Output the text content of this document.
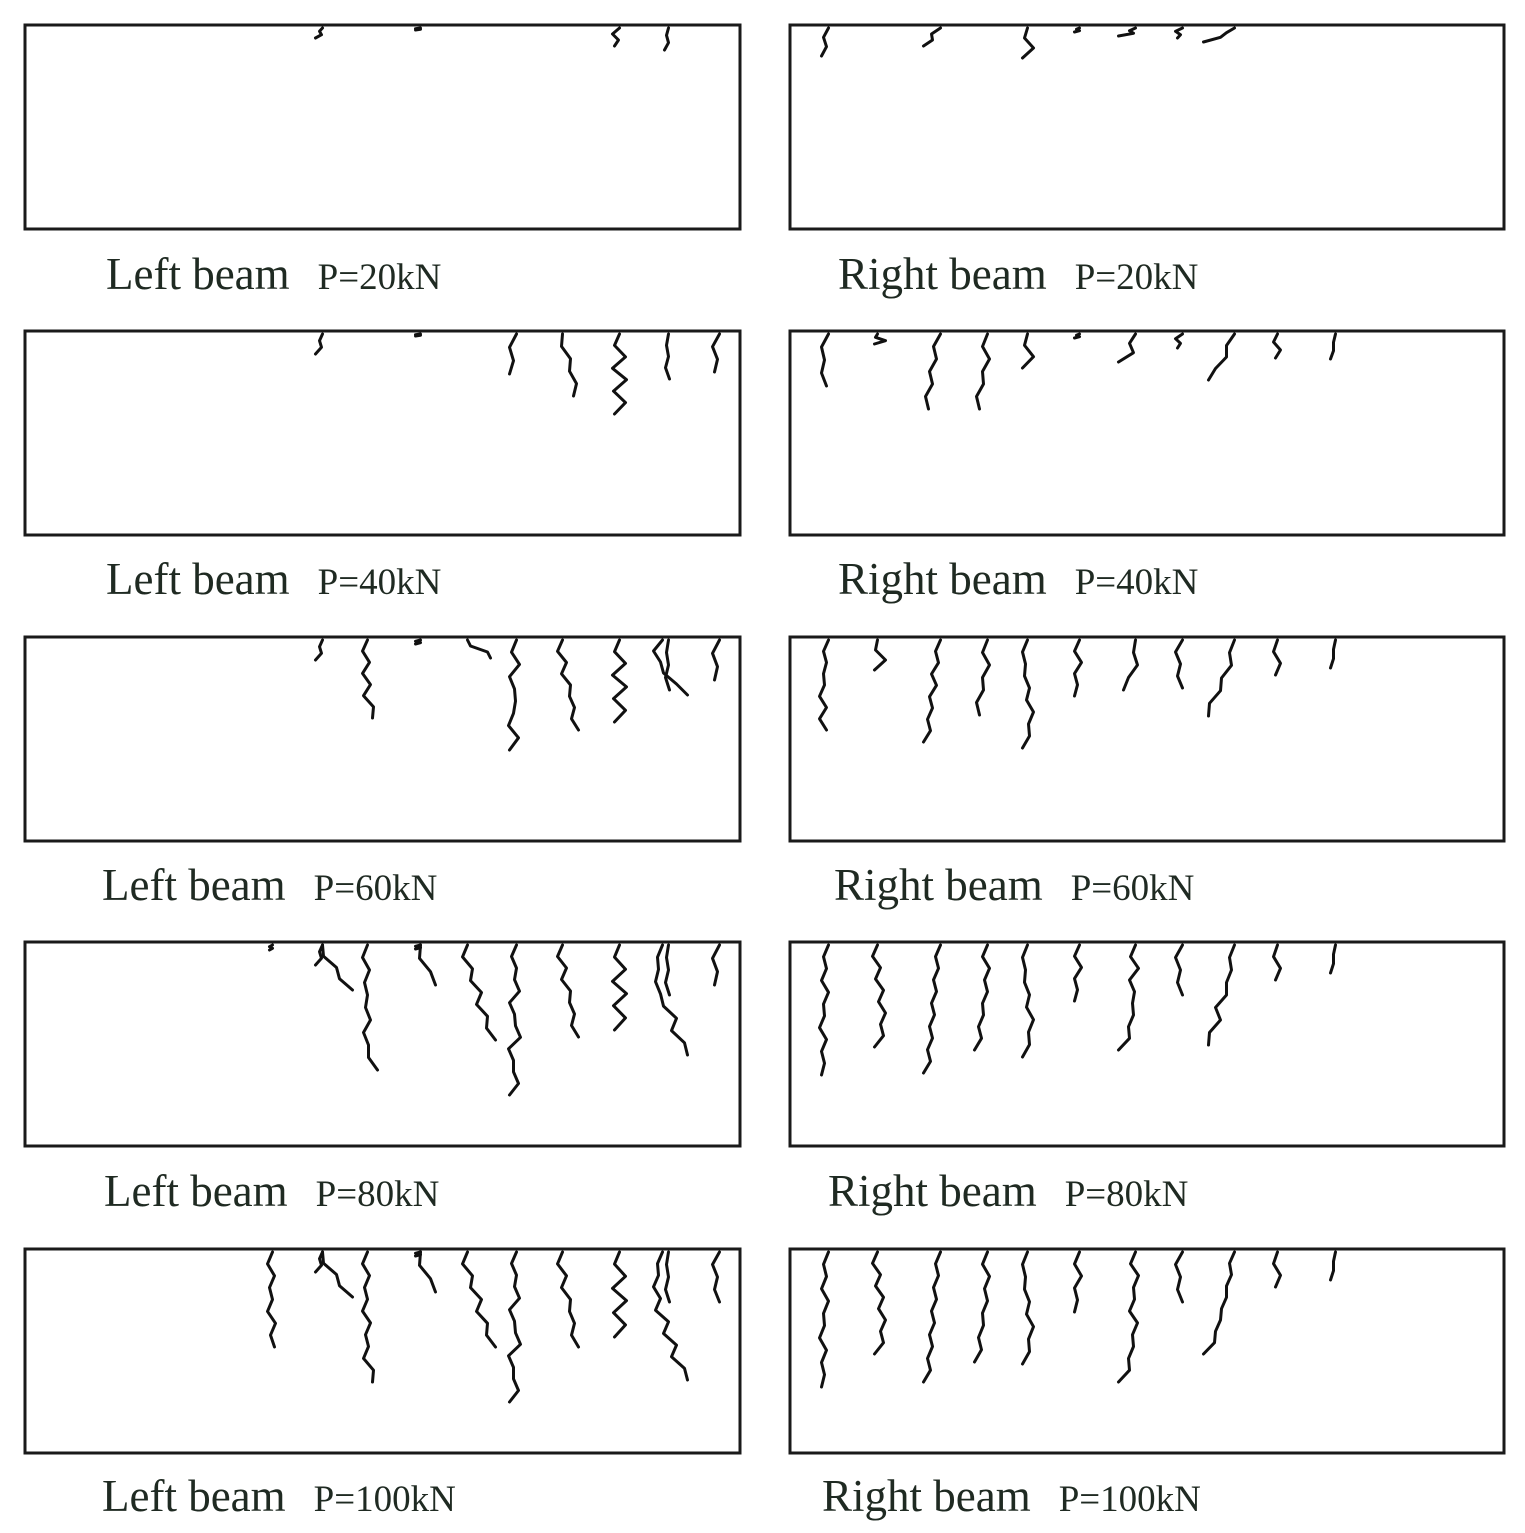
Left beam P=20kN	Right beam P=20kN
Left beam P=40kN	Right beam P=40kN
Left beam P=60kN	Right beam P=60kN
Left beam P=80kN	Right beam P=80kN
Left beam P=100kN	Right beam P=100kN
